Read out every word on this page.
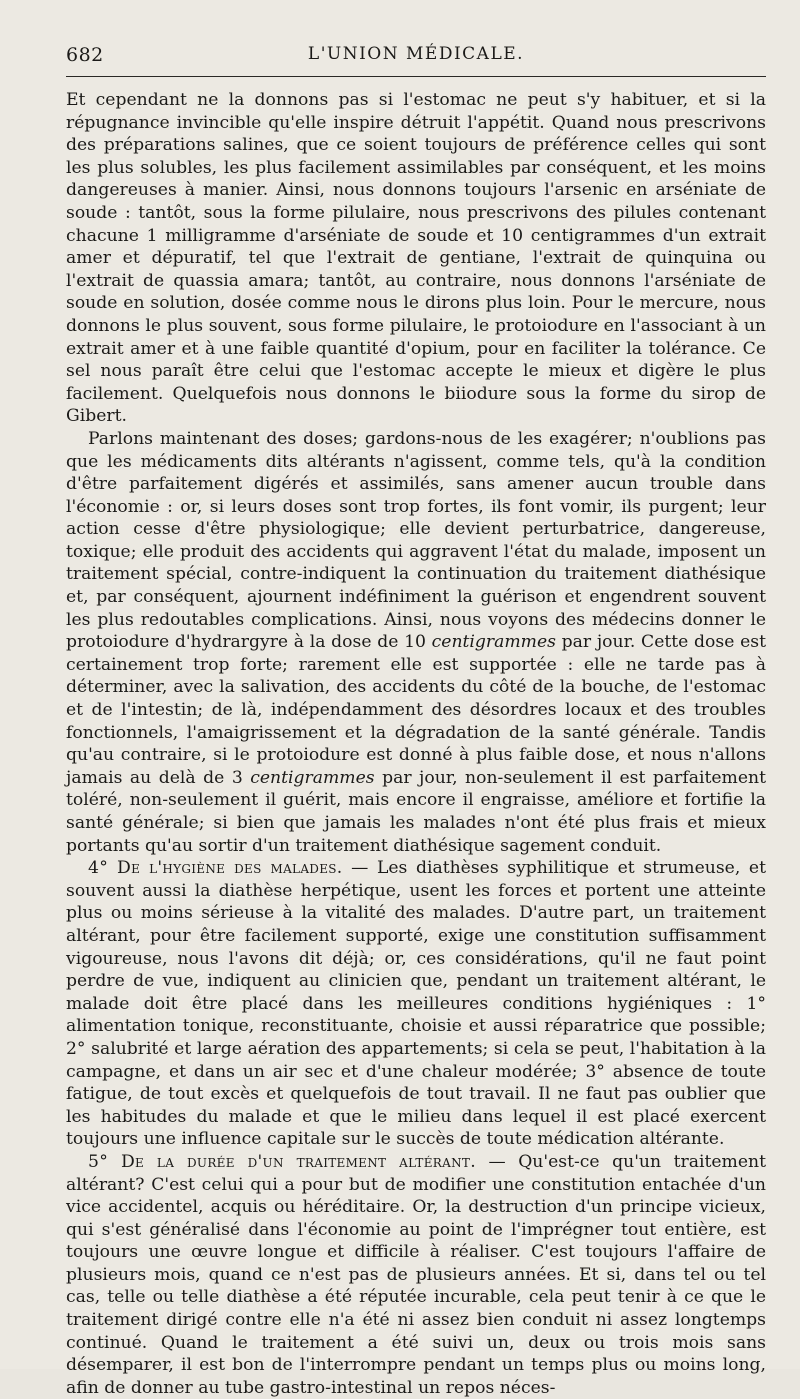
682	L'UNION MÉDICALE.

Et cependant ne la donnons pas si l'estomac ne peut s'y habituer, et si la répugnance invincible qu'elle inspire détruit l'appétit. Quand nous prescrivons des préparations salines, que ce soient toujours de préférence celles qui sont les plus solubles, les plus facilement assimilables par conséquent, et les moins dangereuses à manier. Ainsi, nous donnons toujours l'arsenic en arséniate de soude : tantôt, sous la forme pilulaire, nous prescrivons des pilules contenant chacune 1 milligramme d'arséniate de soude et 10 centigrammes d'un extrait amer et dépuratif, tel que l'extrait de gentiane, l'extrait de quinquina ou l'extrait de quassia amara; tantôt, au contraire, nous donnons l'arséniate de soude en solution, dosée comme nous le dirons plus loin. Pour le mercure, nous donnons le plus souvent, sous forme pilulaire, le protoiodure en l'associant à un extrait amer et à une faible quantité d'opium, pour en faciliter la tolérance. Ce sel nous paraît être celui que l'estomac accepte le mieux et digère le plus facilement. Quelquefois nous donnons le biiodure sous la forme du sirop de Gibert.

Parlons maintenant des doses; gardons-nous de les exagérer; n'oublions pas que les médicaments dits altérants n'agissent, comme tels, qu'à la condition d'être parfaitement digérés et assimilés, sans amener aucun trouble dans l'économie : or, si leurs doses sont trop fortes, ils font vomir, ils purgent; leur action cesse d'être physiologique; elle devient perturbatrice, dangereuse, toxique; elle produit des accidents qui aggravent l'état du malade, imposent un traitement spécial, contre-indiquent la continuation du traitement diathésique et, par conséquent, ajournent indéfiniment la guérison et engendrent souvent les plus redoutables complications. Ainsi, nous voyons des médecins donner le protoiodure d'hydrargyre à la dose de 10 centigrammes par jour. Cette dose est certainement trop forte; rarement elle est supportée : elle ne tarde pas à déterminer, avec la salivation, des accidents du côté de la bouche, de l'estomac et de l'intestin; de là, indépendamment des désordres locaux et des troubles fonctionnels, l'amaigrissement et la dégradation de la santé générale. Tandis qu'au contraire, si le protoiodure est donné à plus faible dose, et nous n'allons jamais au delà de 3 centigrammes par jour, non-seulement il est parfaitement toléré, non-seulement il guérit, mais encore il engraisse, améliore et fortifie la santé générale; si bien que jamais les malades n'ont été plus frais et mieux portants qu'au sortir d'un traitement diathésique sagement conduit.

4° De l'hygiène des malades. — Les diathèses syphilitique et strumeuse, et souvent aussi la diathèse herpétique, usent les forces et portent une atteinte plus ou moins sérieuse à la vitalité des malades. D'autre part, un traitement altérant, pour être facilement supporté, exige une constitution suffisamment vigoureuse, nous l'avons dit déjà; or, ces considérations, qu'il ne faut point perdre de vue, indiquent au clinicien que, pendant un traitement altérant, le malade doit être placé dans les meilleures conditions hygiéniques : 1° alimentation tonique, reconstituante, choisie et aussi réparatrice que possible; 2° salubrité et large aération des appartements; si cela se peut, l'habitation à la campagne, et dans un air sec et d'une chaleur modérée; 3° absence de toute fatigue, de tout excès et quelquefois de tout travail. Il ne faut pas oublier que les habitudes du malade et que le milieu dans lequel il est placé exercent toujours une influence capitale sur le succès de toute médication altérante.

5° De la durée d'un traitement altérant. — Qu'est-ce qu'un traitement altérant? C'est celui qui a pour but de modifier une constitution entachée d'un vice accidentel, acquis ou héréditaire. Or, la destruction d'un principe vicieux, qui s'est généralisé dans l'économie au point de l'imprégner tout entière, est toujours une œuvre longue et difficile à réaliser. C'est toujours l'affaire de plusieurs mois, quand ce n'est pas de plusieurs années. Et si, dans tel ou tel cas, telle ou telle diathèse a été réputée incurable, cela peut tenir à ce que le traitement dirigé contre elle n'a été ni assez bien conduit ni assez longtemps continué. Quand le traitement a été suivi un, deux ou trois mois sans désemparer, il est bon de l'interrompre pendant un temps plus ou moins long, afin de donner au tube gastro-intestinal un repos néces-
